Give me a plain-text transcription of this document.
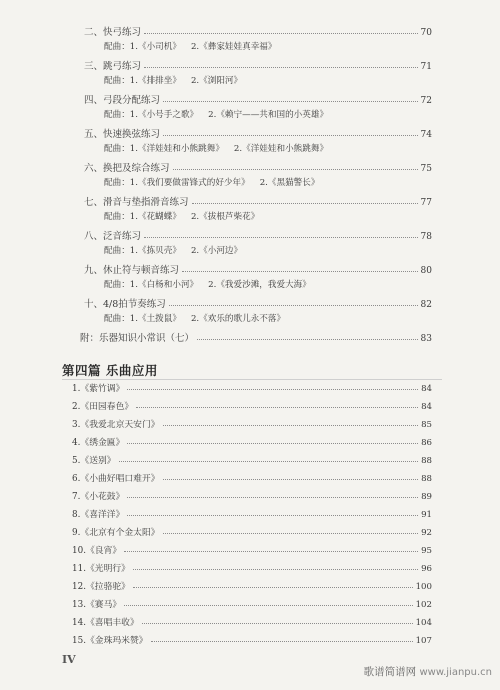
二、快弓练习	70
配曲：1.《小司机》 2.《彝家娃娃真幸福》
三、跳弓练习	71
配曲：1.《排排坐》 2.《浏阳河》
四、弓段分配练习	72
配曲：1.《小号手之歌》 2.《赖宁——共和国的小英雄》
五、快速换弦练习	74
配曲：1.《洋娃娃和小熊跳舞》 2.《洋娃娃和小熊跳舞》
六、换把及综合练习	75
配曲：1.《我们要做雷锋式的好少年》 2.《黑猫警长》
七、滑音与垫指滑音练习	77
配曲：1.《花蝴蝶》 2.《拔根芦柴花》
八、泛音练习	78
配曲：1.《拣贝壳》 2.《小河边》
九、休止符与顿音练习	80
配曲：1.《白杨和小河》 2.《我爱沙滩，我爱大海》
十、4/8拍节奏练习	82
配曲：1.《土拨鼠》 2.《欢乐的歌儿永不落》
附：乐器知识小常识（七）	83
第四篇 乐曲应用
1.《紫竹调》	84
2.《田园春色》	84
3.《我爱北京天安门》	85
4.《绣金匾》	86
5.《送别》	88
6.《小曲好唱口难开》	88
7.《小花鼓》	89
8.《喜洋洋》	91
9.《北京有个金太阳》	92
10.《良宵》	95
11.《光明行》	96
12.《拉骆驼》	100
13.《赛马》	102
14.《喜唱丰收》	104
15.《金珠玛米赞》	107
IV
歌谱简谱网 www.jianpu.cn
